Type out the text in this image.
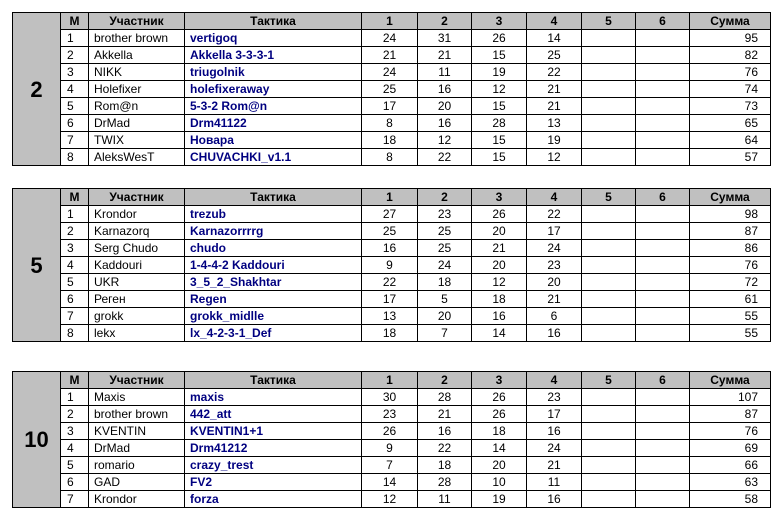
2	М	Участник	Тактика	1	2	3	4	5	6	Сумма
	1	brother brown	vertigoq	24	31	26	14			95
	2	Akkella	Akkella 3-3-3-1	21	21	15	25			82
	3	NIKK	triugolnik	24	11	19	22			76
	4	Holefixer	holefixeraway	25	16	12	21			74
	5	Rom@n	5-3-2 Rom@n	17	20	15	21			73
	6	DrMad	Drm41122	8	16	28	13			65
	7	TWIX	Новара	18	12	15	19			64
	8	AleksWesT	CHUVACHKI_v1.1	8	22	15	12			57
5	М	Участник	Тактика	1	2	3	4	5	6	Сумма
	1	Krondor	trezub	27	23	26	22			98
	2	Karnazorq	Karnazorrrrg	25	25	20	17			87
	3	Serg Chudo	chudo	16	25	21	24			86
	4	Kaddouri	1-4-4-2 Kaddouri	9	24	20	23			76
	5	UKR	3_5_2_Shakhtar	22	18	12	20			72
	6	Реген	Regen	17	5	18	21			61
	7	grokk	grokk_midlle	13	20	16	6			55
	8	lekx	lx_4-2-3-1_Def	18	7	14	16			55
10	М	Участник	Тактика	1	2	3	4	5	6	Сумма
	1	Maxis	maxis	30	28	26	23			107
	2	brother brown	442_att	23	21	26	17			87
	3	KVENTIN	KVENTIN1+1	26	16	18	16			76
	4	DrMad	Drm41212	9	22	14	24			69
	5	romario	crazy_trest	7	18	20	21			66
	6	GAD	FV2	14	28	10	11			63
	7	Krondor	forza	12	11	19	16			58
